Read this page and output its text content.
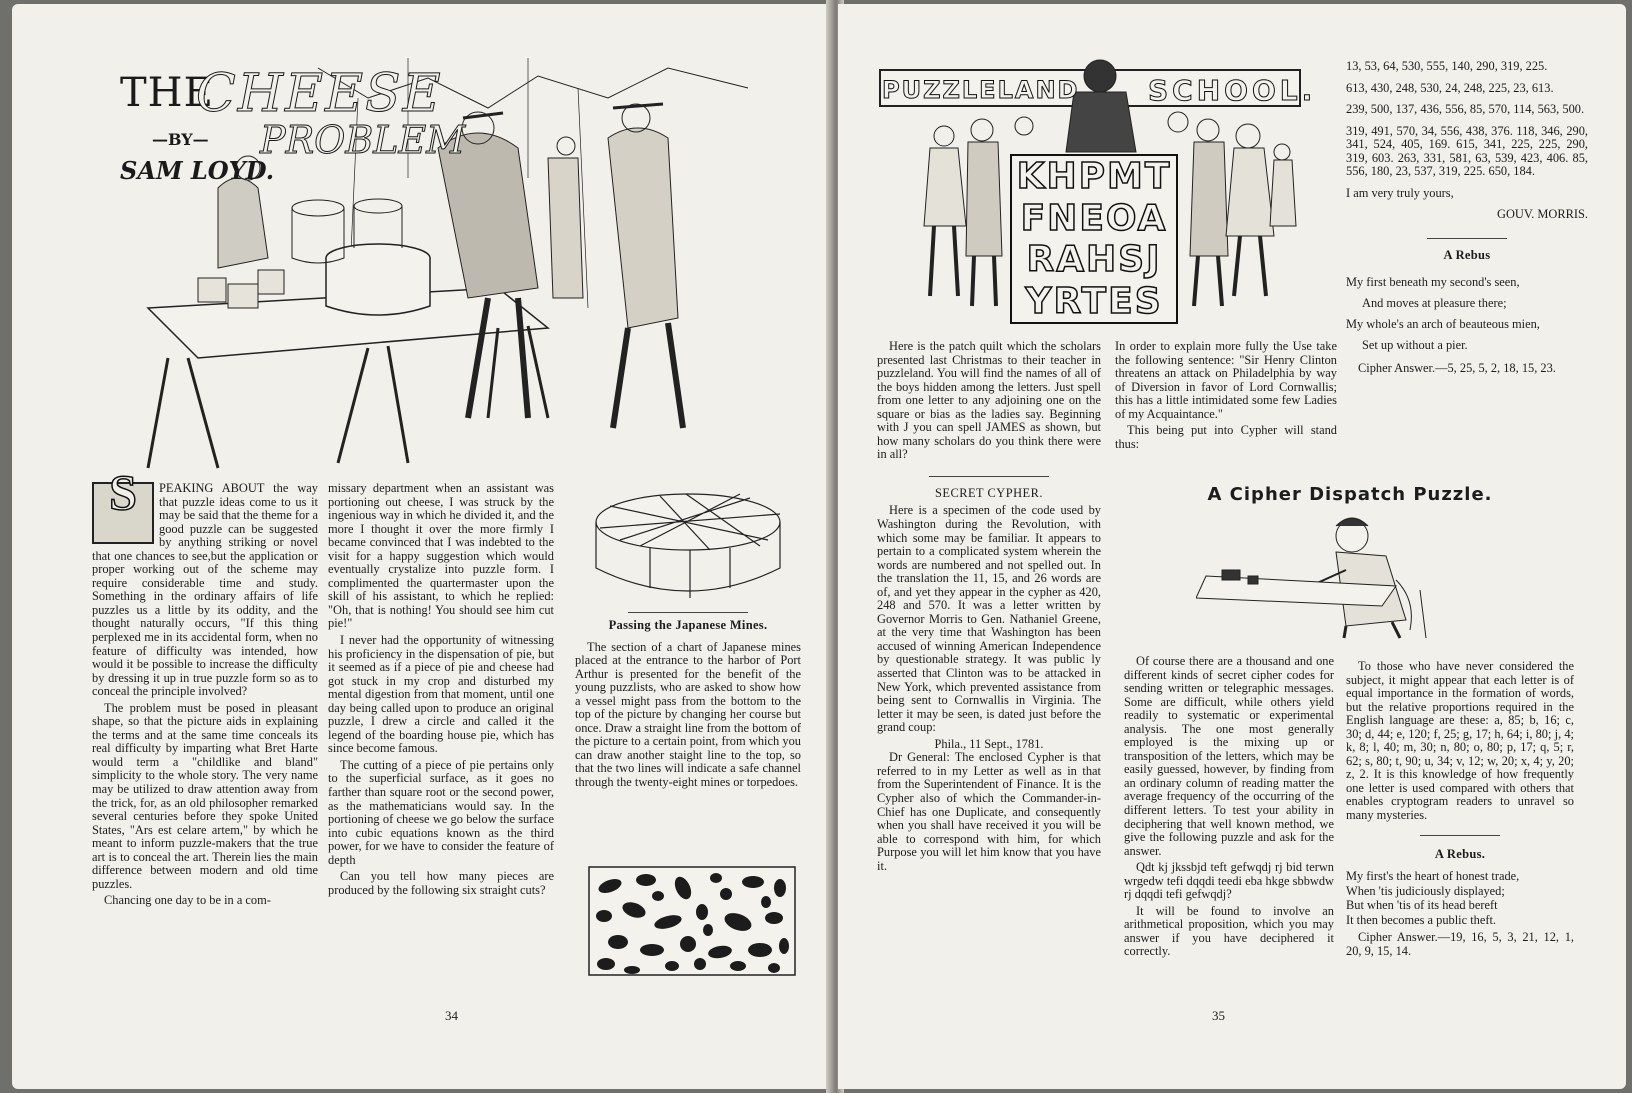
THE
CHEESE
—BY—
SAM LOYD.
PROBLEM
S	PEAKING ABOUT the way that puzzle ideas come to us it may be said that the theme for a good puzzle can be suggested by anything striking or novel that one chances to see,but the application or proper working out of the scheme may require considerable time and study. Something in the ordinary affairs of life puzzles us a little by its oddity, and the thought naturally occurs, "If this thing perplexed me in its accidental form, when no feature of difficulty was intended, how would it be possible to increase the difficulty by dressing it up in true puzzle form so as to conceal the principle involved?

The problem must be posed in pleasant shape, so that the picture aids in explaining the terms and at the same time conceals its real difficulty by imparting what Bret Harte would term a "childlike and bland" simplicity to the whole story. The very name may be utilized to draw attention away from the trick, for, as an old philosopher remarked several centuries before they spoke United States, "Ars est celare artem," by which he meant to inform puzzle-makers that the true art is to conceal the art. Therein lies the main difference between modern and old time puzzles.

Chancing one day to be in a com-

missary department when an assistant was portioning out cheese, I was struck by the ingenious way in which he divided it, and the more I thought it over the more firmly I became convinced that I was indebted to the visit for a happy suggestion which would eventually crystalize into puzzle form. I complimented the quartermaster upon the skill of his assistant, to which he replied: "Oh, that is nothing! You should see him cut pie!"

I never had the opportunity of witnessing his proficiency in the dispensation of pie, but it seemed as if a piece of pie and cheese had got stuck in my crop and disturbed my mental digestion from that moment, until one day being called upon to produce an original puzzle, I drew a circle and called it the legend of the boarding house pie, which has since become famous.

The cutting of a piece of pie pertains only to the superficial surface, as it goes no farther than square root or the second power, as the mathematicians would say. In the portioning of cheese we go below the surface into cubic equations known as the third power, for we have to consider the feature of depth

Can you tell how many pieces are produced by the following six straight cuts?

Passing the Japanese Mines.

The section of a chart of Japanese mines placed at the entrance to the harbor of Port Arthur is presented for the benefit of the young puzzlists, who are asked to show how a vessel might pass from the bottom to the top of the picture by changing her course but once. Draw a straight line from the bottom of the picture to a certain point, from which you can draw another staight line to the top, so that the two lines will indicate a safe channel through the twenty-eight mines or torpedoes.

34
KHPMT
FNEOA
RAHSJ
YRTES
PUZZLELAND SCHOOL.

13, 53, 64, 530, 555, 140, 290, 319, 225.

613, 430, 248, 530, 24, 248, 225, 23, 613.

239, 500, 137, 436, 556, 85, 570, 114, 563, 500.

319, 491, 570, 34, 556, 438, 376. 118, 346, 290, 341, 524, 405, 169. 615, 341, 225, 225, 290, 319, 603. 263, 331, 581, 63, 539, 423, 406. 85, 556, 180, 23, 537, 319, 225. 650, 184.

I am very truly yours,

GOUV. MORRIS.

A Rebus
My first beneath my second's seen,
And moves at pleasure there;
My whole's an arch of beauteous mien,
Set up without a pier.

Cipher Answer.—5, 25, 5, 2, 18, 15, 23.

Here is the patch quilt which the scholars presented last Christmas to their teacher in puzzleland. You will find the names of all of the boys hidden among the letters. Just spell from one letter to any adjoining one on the square or bias as the ladies say. Beginning with J you can spell JAMES as shown, but how many scholars do you think there were in all?

SECRET CYPHER.

Here is a specimen of the code used by Washington during the Revolution, with which some may be familiar. It appears to pertain to a complicated system wherein the words are numbered and not spelled out. In the translation the 11, 15, and 26 words are of, and yet they appear in the cypher as 420, 248 and 570. It was a letter written by Governor Morris to Gen. Nathaniel Greene, at the very time that Washington has been accused of winning American Independence by questionable strategy. It was public ly asserted that Clinton was to be attacked in New York, which prevented assistance from being sent to Cornwallis in Virginia. The letter it may be seen, is dated just before the grand coup:

Phila., 11 Sept., 1781.

Dr General: The enclosed Cypher is that referred to in my Letter as well as in that from the Superintendent of Finance. It is the Cypher also of which the Commander-in-Chief has one Duplicate, and consequently when you shall have received it you will be able to correspond with him, for which Purpose you will let him know that you have it.

In order to explain more fully the Use take the following sentence: "Sir Henry Clinton threatens an attack on Philadelphia by way of Diversion in favor of Lord Cornwallis; this has a little intimidated some few Ladies of my Acquaintance."

This being put into Cypher will stand thus:

A Cipher Dispatch Puzzle.

Of course there are a thousand and one different kinds of secret cipher codes for sending written or telegraphic messages. Some are difficult, while others yield readily to systematic or experimental analysis. The one most generally employed is the mixing up or transposition of the letters, which may be easily guessed, however, by finding from an ordinary column of reading matter the average frequency of the occurring of the different letters. To test your ability in deciphering that well known method, we give the following puzzle and ask for the answer.

Qdt kj jkssbjd teft gefwqdj rj bid terwn wrgedw tefi dqqdi teedi eba hkge sbbwdw rj dqqdi tefi gefwqdj?

It will be found to involve an arithmetical proposition, which you may answer if you have deciphered it correctly.

To those who have never considered the subject, it might appear that each letter is of equal importance in the formation of words, but the relative proportions required in the English language are these: a, 85; b, 16; c, 30; d, 44; e, 120; f, 25; g, 17; h, 64; i, 80; j, 4; k, 8; l, 40; m, 30; n, 80; o, 80; p, 17; q, 5; r, 62; s, 80; t, 90; u, 34; v, 12; w, 20; x, 4; y, 20; z, 2. It is this knowledge of how frequently one letter is used compared with others that enables cryptogram readers to unravel so many mysteries.

A Rebus.
My first's the heart of honest trade,
When 'tis judiciously displayed;
But when 'tis of its head bereft
It then becomes a public theft.

Cipher Answer.—19, 16, 5, 3, 21, 12, 1, 20, 9, 15, 14.

35
